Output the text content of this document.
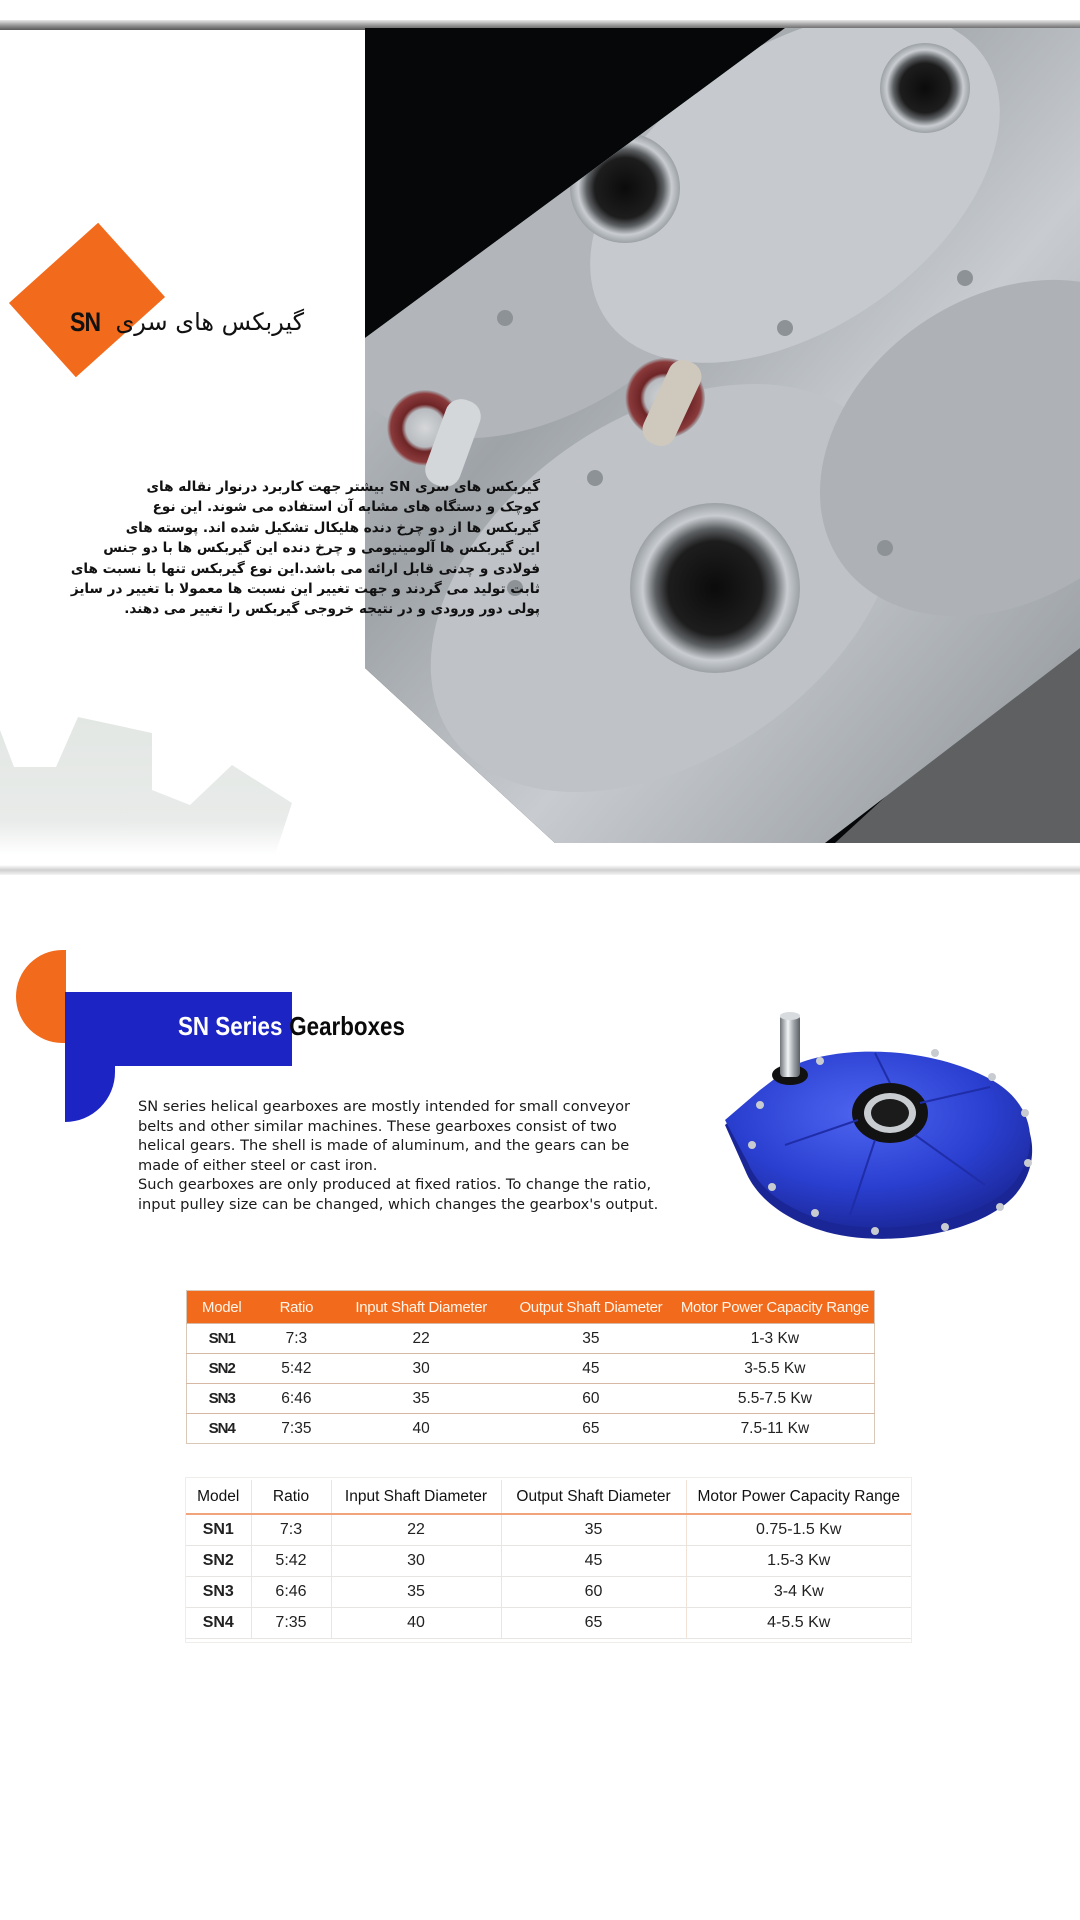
SN گیربکس های سری
گیربکس های سری SN بیشتر جهت کاربرد درنوار نقاله های
کوچک و دستگاه های مشابه آن استفاده می شوند. این نوع
گیربکس ها از دو چرخ دنده هلیکال تشکیل شده اند. پوسته های
این گیربکس ها آلومینیومی و چرخ دنده این گیربکس ها با دو جنس
فولادی و چدنی قابل ارائه می باشد.این نوع گیربکس تنها با نسبت های
ثابت تولید می گردند و جهت تغییر این نسبت ها معمولا با تغییر در سایز
پولی دور ورودی و در نتیجه خروجی گیربکس را تغییر می دهند.
SN Series Gearboxes
SN series helical gearboxes are mostly intended for small conveyor
belts and other similar machines. These gearboxes consist of two
helical gears. The shell is made of aluminum, and the gears can be
made of either steel or cast iron.
Such gearboxes are only produced at fixed ratios. To change the ratio,
input pulley size can be changed, which changes the gearbox's output.
Model	Ratio	Input Shaft Diameter	Output Shaft Diameter	Motor Power Capacity Range
SN1	7:3	22	35	1-3 Kw
SN2	5:42	30	45	3-5.5 Kw
SN3	6:46	35	60	5.5-7.5 Kw
SN4	7:35	40	65	7.5-11 Kw
Model	Ratio	Input Shaft Diameter	Output Shaft Diameter	Motor Power Capacity Range
SN1	7:3	22	35	0.75-1.5 Kw
SN2	5:42	30	45	1.5-3 Kw
SN3	6:46	35	60	3-4 Kw
SN4	7:35	40	65	4-5.5 Kw
